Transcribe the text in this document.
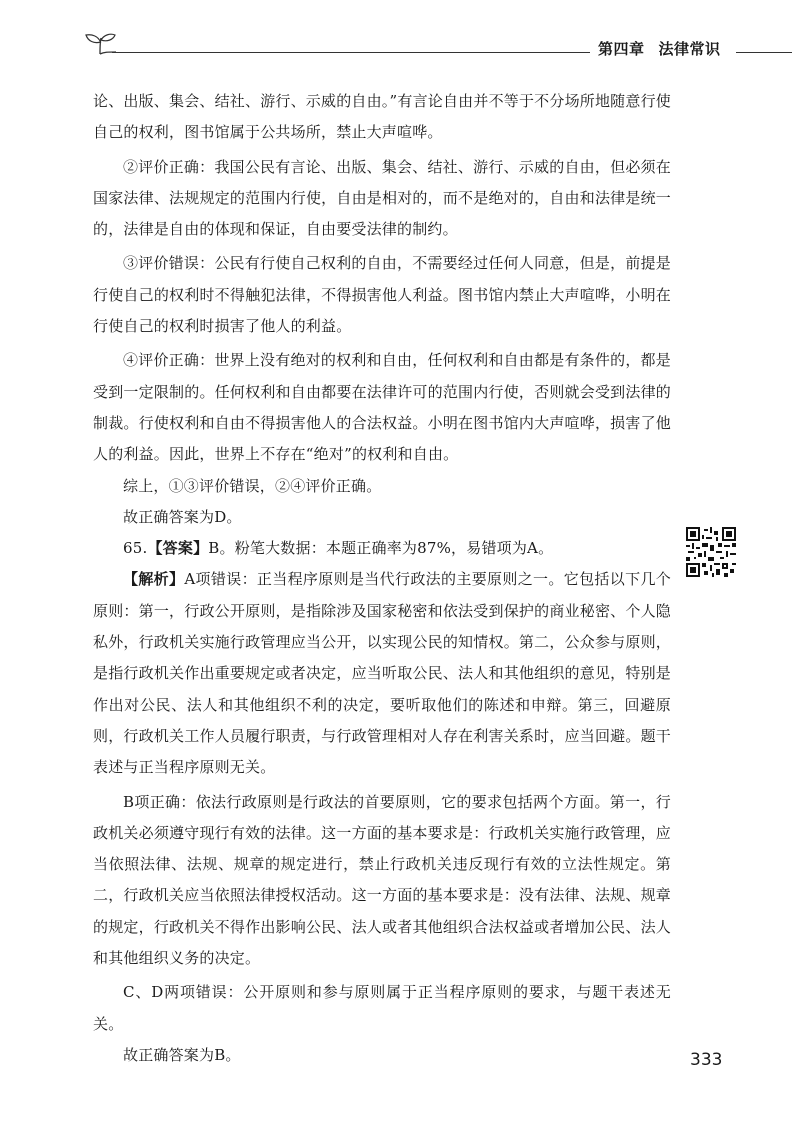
第四章 法律常识

论、出版、集会、结社、游行、示威的自由。”有言论自由并不等于不分场所地随意行使自己的权利，图书馆属于公共场所，禁止大声喧哗。

②评价正确：我国公民有言论、出版、集会、结社、游行、示威的自由，但必须在国家法律、法规规定的范围内行使，自由是相对的，而不是绝对的，自由和法律是统一的，法律是自由的体现和保证，自由要受法律的制约。

③评价错误：公民有行使自己权利的自由，不需要经过任何人同意，但是，前提是行使自己的权利时不得触犯法律，不得损害他人利益。图书馆内禁止大声喧哗，小明在行使自己的权利时损害了他人的利益。

④评价正确：世界上没有绝对的权利和自由，任何权利和自由都是有条件的，都是受到一定限制的。任何权利和自由都要在法律许可的范围内行使，否则就会受到法律的制裁。行使权利和自由不得损害他人的合法权益。小明在图书馆内大声喧哗，损害了他人的利益。因此，世界上不存在“绝对”的权利和自由。

综上，①③评价错误，②④评价正确。

故正确答案为D。

65.【答案】B。粉笔大数据：本题正确率为87%，易错项为A。

【解析】A项错误：正当程序原则是当代行政法的主要原则之一。它包括以下几个原则：第一，行政公开原则，是指除涉及国家秘密和依法受到保护的商业秘密、个人隐私外，行政机关实施行政管理应当公开，以实现公民的知情权。第二，公众参与原则，是指行政机关作出重要规定或者决定，应当听取公民、法人和其他组织的意见，特别是作出对公民、法人和其他组织不利的决定，要听取他们的陈述和申辩。第三，回避原则，行政机关工作人员履行职责，与行政管理相对人存在利害关系时，应当回避。题干表述与正当程序原则无关。

B项正确：依法行政原则是行政法的首要原则，它的要求包括两个方面。第一，行政机关必须遵守现行有效的法律。这一方面的基本要求是：行政机关实施行政管理，应当依照法律、法规、规章的规定进行，禁止行政机关违反现行有效的立法性规定。第二，行政机关应当依照法律授权活动。这一方面的基本要求是：没有法律、法规、规章的规定，行政机关不得作出影响公民、法人或者其他组织合法权益或者增加公民、法人和其他组织义务的决定。

C、D两项错误：公开原则和参与原则属于正当程序原则的要求，与题干表述无关。

故正确答案为B。	333
